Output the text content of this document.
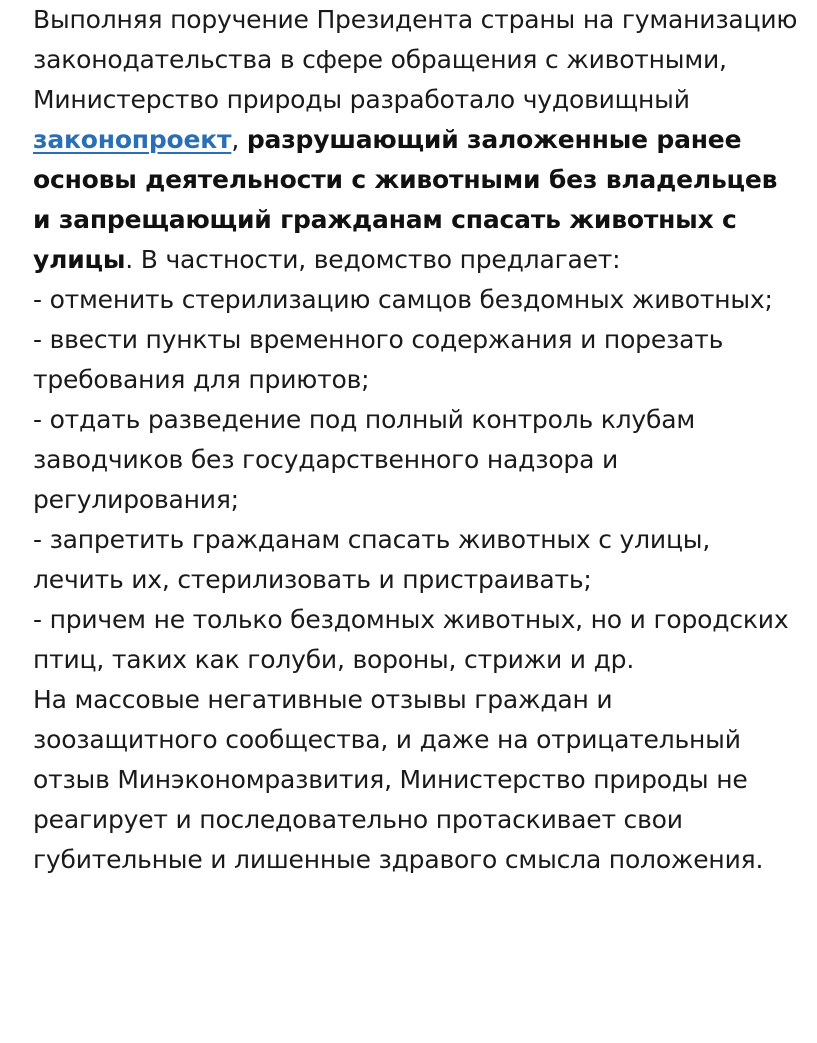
Выполняя поручение Президента страны на гуманизацию законодательства в сфере обращения с животными, Министерство природы разработало чудовищный законопроект, разрушающий заложенные ранее основы деятельности с животными без владельцев и запрещающий гражданам спасать животных с улицы. В частности, ведомство предлагает:

- отменить стерилизацию самцов бездомных животных;

- ввести пункты временного содержания и порезать требования для приютов;

- отдать разведение под полный контроль клубам заводчиков без государственного надзора и регулирования;

- запретить гражданам спасать животных с улицы, лечить их, стерилизовать и пристраивать;

- причем не только бездомных животных, но и городских птиц, таких как голуби, вороны, стрижи и др.

На массовые негативные отзывы граждан и зоозащитного сообщества, и даже на отрицательный отзыв Минэкономразвития, Министерство природы не реагирует и последовательно протаскивает свои губительные и лишенные здравого смысла положения.
